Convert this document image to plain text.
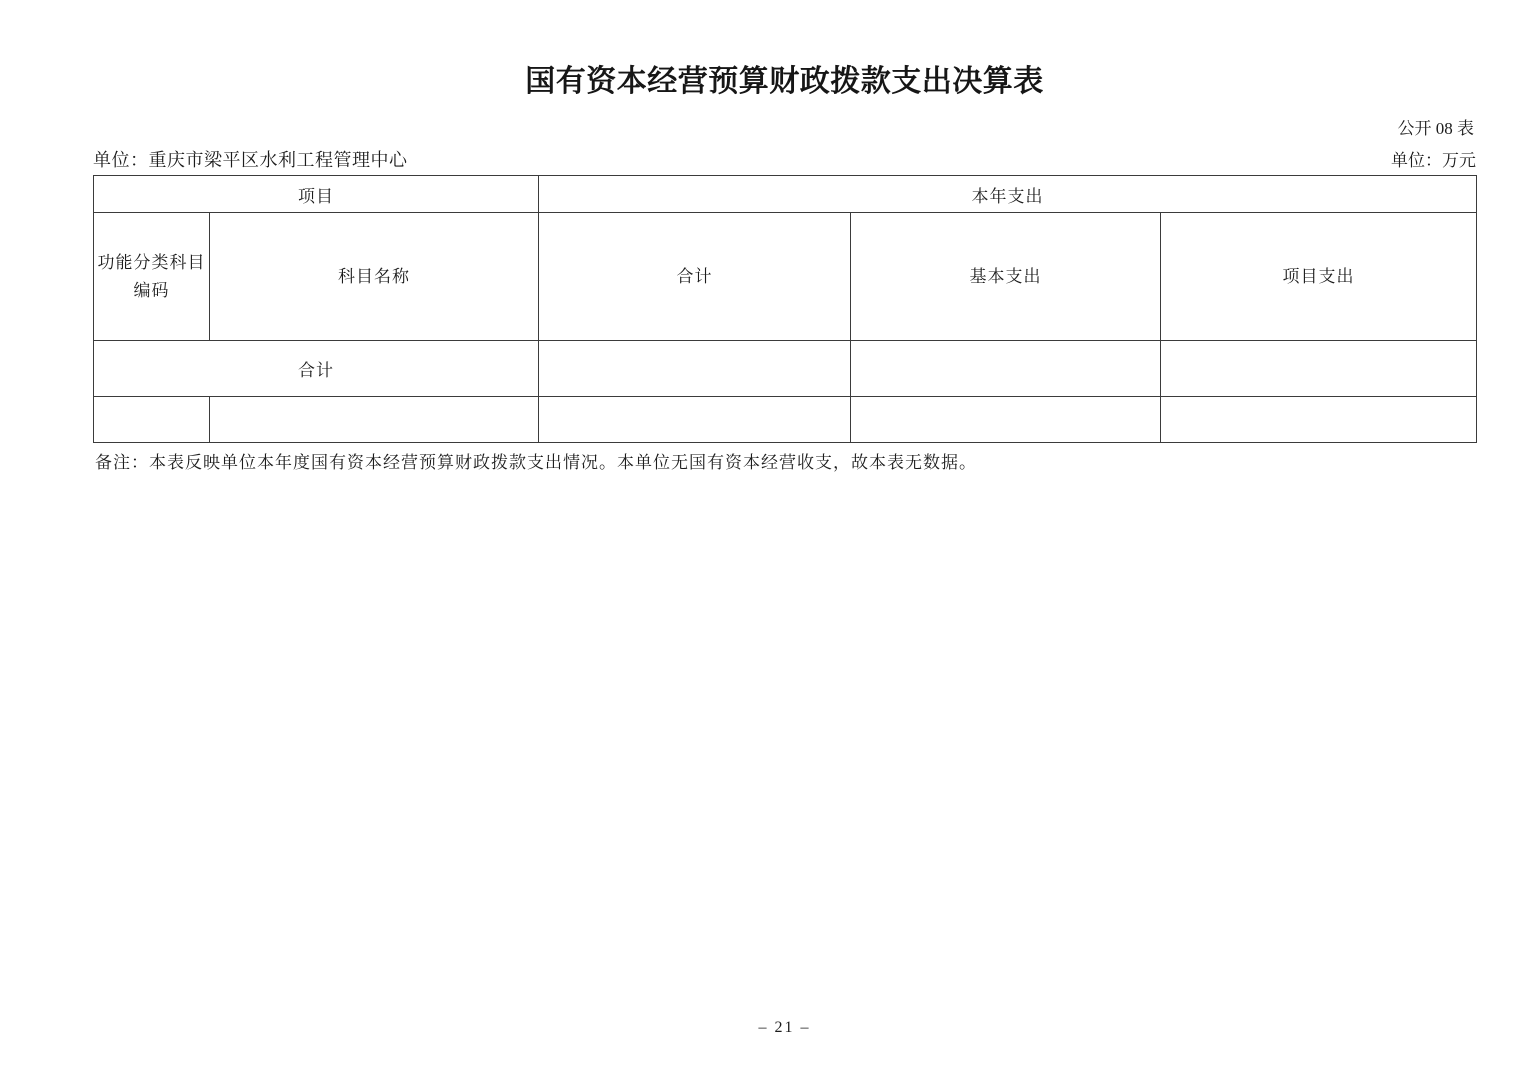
国有资本经营预算财政拨款支出决算表
公开 08 表
单位：重庆市梁平区水利工程管理中心	单位：万元
项目		本年支出		
功能分类科目
编码	科目名称	合计	基本支出	项目支出
合计				

备注：本表反映单位本年度国有资本经营预算财政拨款支出情况。本单位无国有资本经营收支，故本表无数据。
– 21 –
